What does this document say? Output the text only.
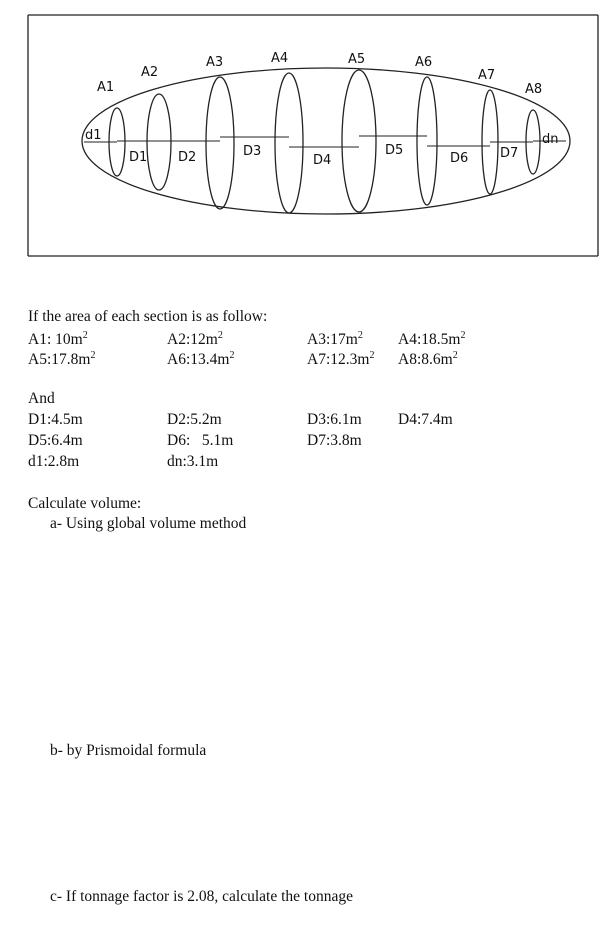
A1
A2
A3	A4	A5	A6
A7
A8
D1 D2	D3
D4
D5
D6 D7
d1	dn
If the area of each section is as follow:
A1: $10m^2$	$A2:12m^2$	$A3:17m^2$ $A4:18.5m^2$
$A5:17.8m^2$	$A6:13.4m^2$	$A7:12.3m^2$ $A8:8.6m^2$
And
D1:4.5m	D2:5.2m	D3:6.1m D4:7.4m
D5:6.4m	D6:   5.1m	D7:3.8m
d1:2.8m	dn:3.1m
Calculate volume:
a- Using global volume method
b- by Prismoidal formula
c- If tonnage factor is 2.08, calculate the tonnage
